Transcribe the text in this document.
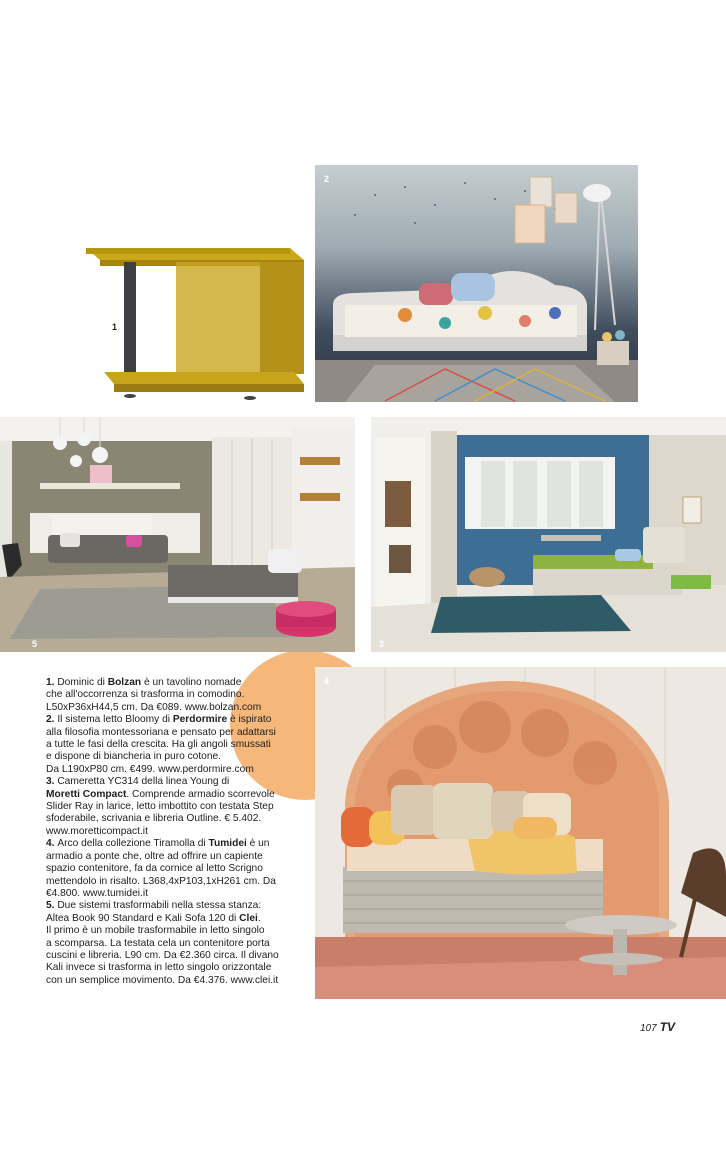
1
2
5	3
4

1. Dominic di Bolzan è un tavolino nomade

che all'occorrenza si trasforma in comodino.

L50xP36xH44,5 cm. Da €089. www.bolzan.com

2. Il sistema letto Bloomy di Perdormire è ispirato

alla filosofia montessoriana e pensato per adattarsi

a tutte le fasi della crescita. Ha gli angoli smussati

e dispone di biancheria in puro cotone.

Da L190xP80 cm. €499. www.perdormire.com

3. Cameretta YC314 della linea Young di

Moretti Compact. Comprende armadio scorrevole

Slider Ray in larice, letto imbottito con testata Step

sfoderabile, scrivania e libreria Outline. € 5.402.

www.moretticompact.it

4. Arco della collezione Tiramolla di Tumidei è un

armadio a ponte che, oltre ad offrire un capiente

spazio contenitore, fa da cornice al letto Scrigno

mettendolo in risalto. L368,4xP103,1xH261 cm. Da

€4.800. www.tumidei.it

5. Due sistemi trasformabili nella stessa stanza:

Altea Book 90 Standard e Kali Sofa 120 di Clei.

Il primo è un mobile trasformabile in letto singolo

a scomparsa. La testata cela un contenitore porta

cuscini e libreria. L90 cm. Da €2.360 circa. Il divano

Kali invece si trasforma in letto singolo orizzontale

con un semplice movimento. Da €4.376. www.clei.it

107 TV
